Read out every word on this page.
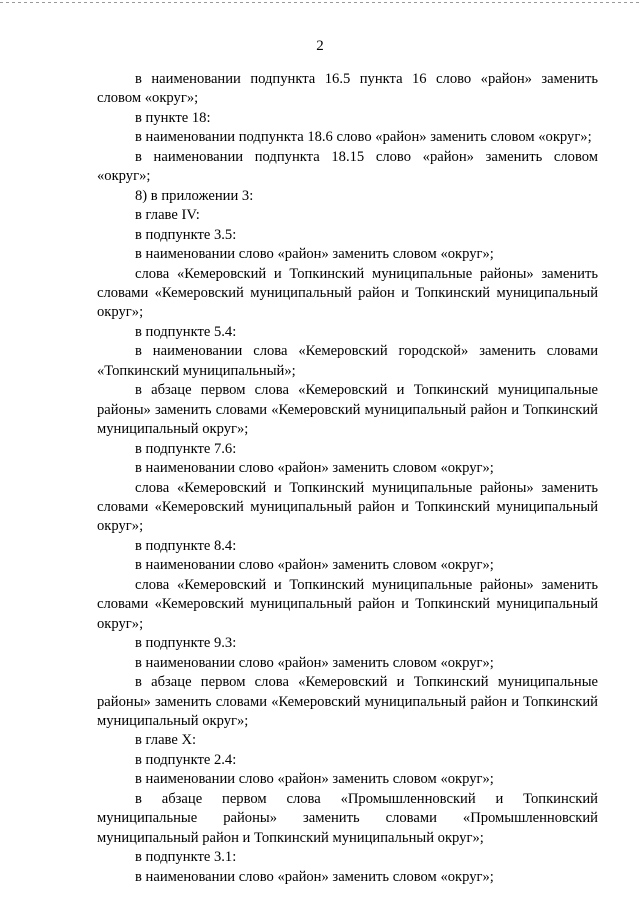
2

в наименовании подпункта 16.5 пункта 16 слово «район» заменить словом «округ»;

в пункте 18:

в наименовании подпункта 18.6 слово «район» заменить словом «округ»;

в наименовании подпункта 18.15 слово «район» заменить словом «округ»;

8) в приложении 3:

в главе IV:

в подпункте 3.5:

в наименовании слово «район» заменить словом «округ»;

слова «Кемеровский и Топкинский муниципальные районы» заменить словами «Кемеровский муниципальный район и Топкинский муниципальный округ»;

в подпункте 5.4:

в наименовании слова «Кемеровский городской» заменить словами «Топкинский муниципальный»;

в абзаце первом слова «Кемеровский и Топкинский муниципальные районы» заменить словами «Кемеровский муниципальный район и Топкинский муниципальный округ»;

в подпункте 7.6:

в наименовании слово «район» заменить словом «округ»;

слова «Кемеровский и Топкинский муниципальные районы» заменить словами «Кемеровский муниципальный район и Топкинский муниципальный округ»;

в подпункте 8.4:

в наименовании слово «район» заменить словом «округ»;

слова «Кемеровский и Топкинский муниципальные районы» заменить словами «Кемеровский муниципальный район и Топкинский муниципальный округ»;

в подпункте 9.3:

в наименовании слово «район» заменить словом «округ»;

в абзаце первом слова «Кемеровский и Топкинский муниципальные районы» заменить словами «Кемеровский муниципальный район и Топкинский муниципальный округ»;

в главе X:

в подпункте 2.4:

в наименовании слово «район» заменить словом «округ»;

в абзаце первом слова «Промышленновский и Топкинский муниципальные районы» заменить словами «Промышленновский муниципальный район и Топкинский муниципальный округ»;

в подпункте 3.1:

в наименовании слово «район» заменить словом «округ»;
